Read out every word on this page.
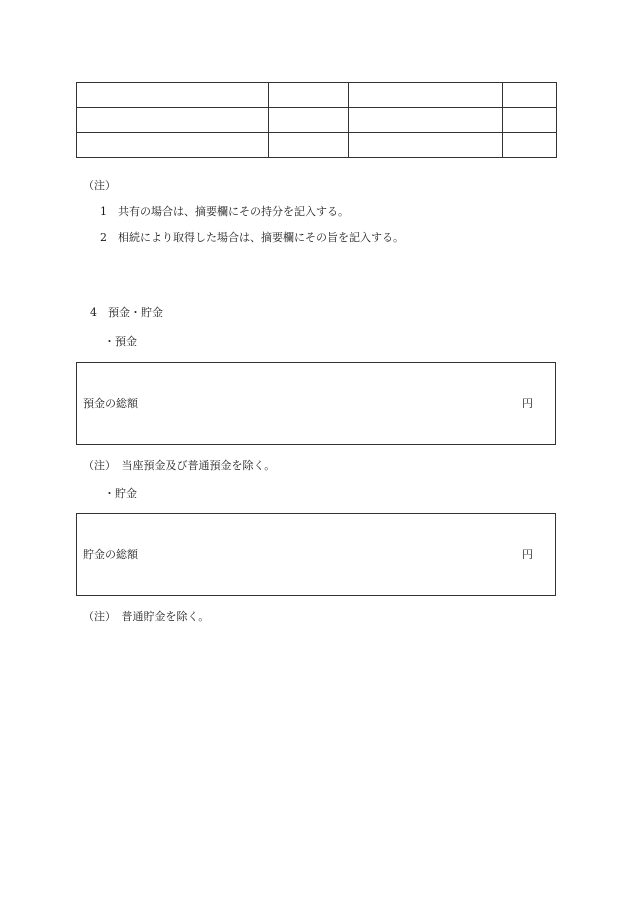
（注）
1　共有の場合は、摘要欄にその持分を記入する。
2　相続により取得した場合は、摘要欄にその旨を記入する。
4　預金・貯金
・預金
預金の総額	円
（注）　当座預金及び普通預金を除く。
・貯金
貯金の総額	円
（注）　普通貯金を除く。
